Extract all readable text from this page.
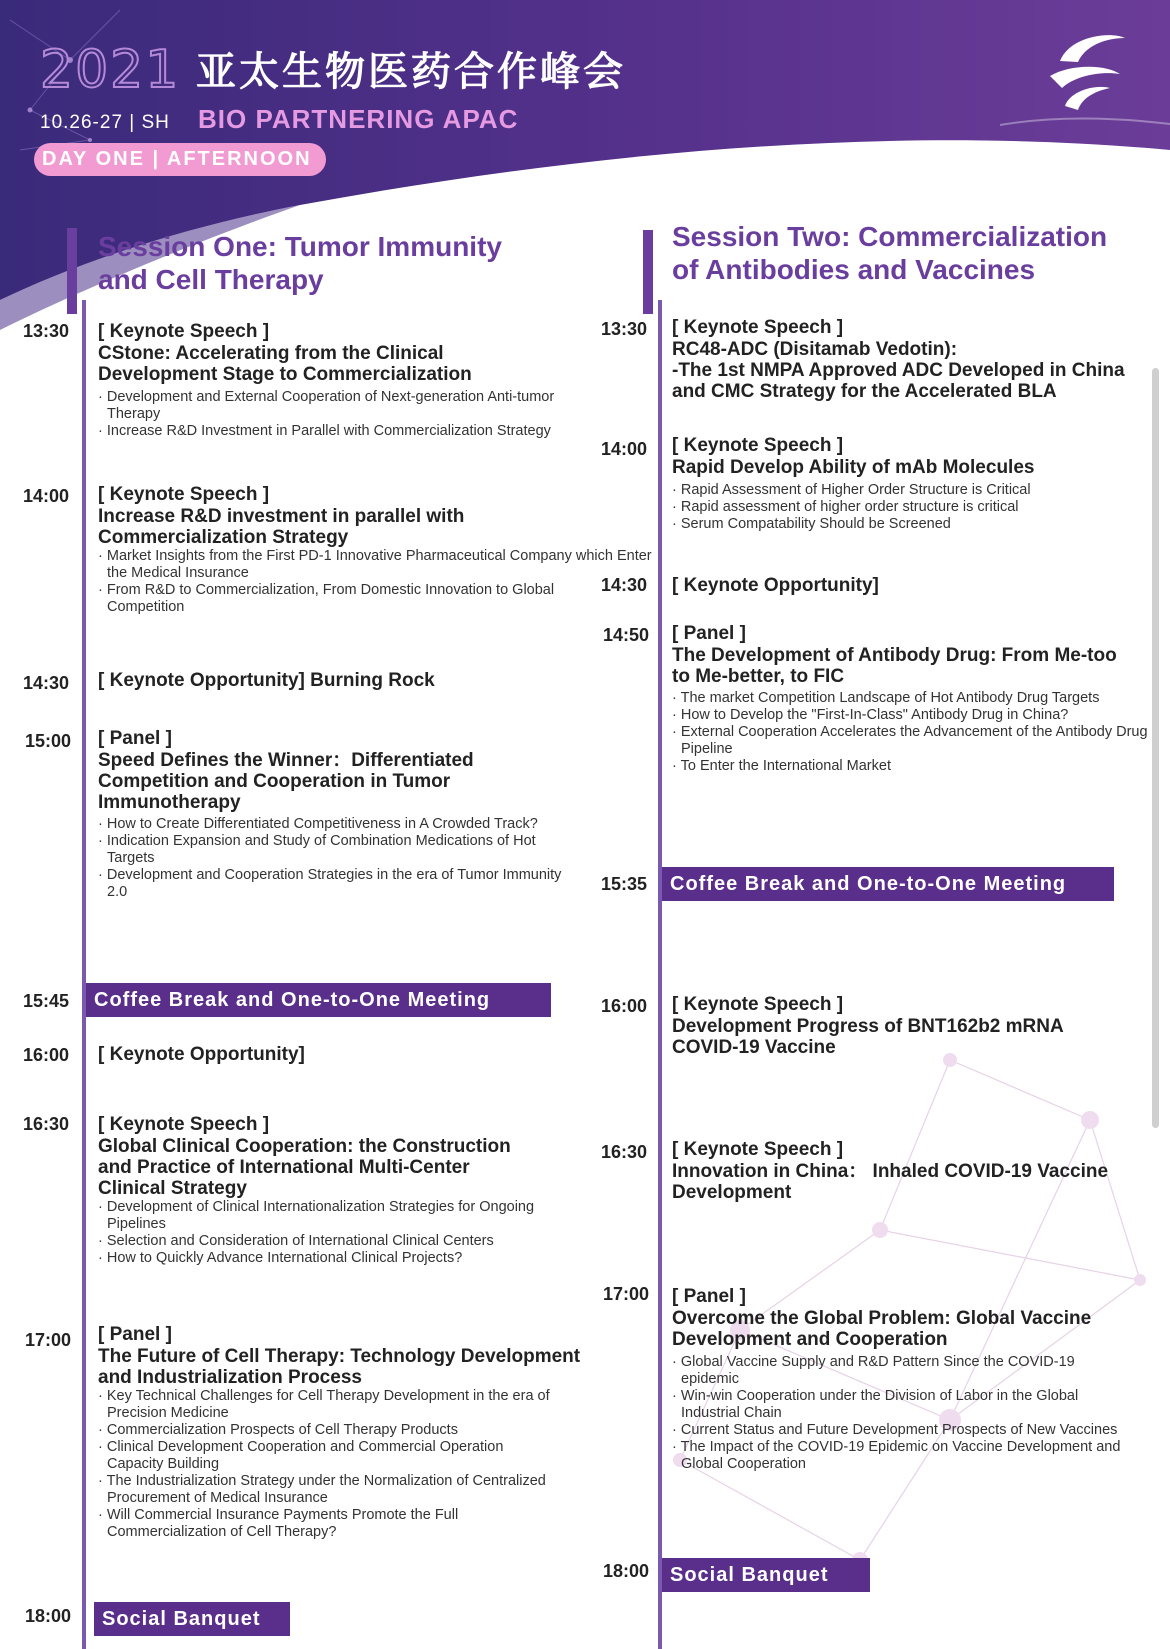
2021 亚太生物医药合作峰会
10.26-27 | SH BIO PARTNERING APAC
DAY ONE | AFTERNOON
Session One: Tumor Immunity
and Cell Therapy
13:30 [ Keynote Speech ]
CStone: Accelerating from the Clinical
Development Stage to Commercialization
· Development and External Cooperation of Next-generation Anti-tumor Therapy
· Increase R&D Investment in Parallel with Commercialization Strategy
14:00 [ Keynote Speech ]
Increase R&D investment in parallel with
Commercialization Strategy
· Market Insights from the First PD-1 Innovative Pharmaceutical Company which Enter the Medical Insurance
· From R&D to Commercialization, From Domestic Innovation to Global Competition
14:30 [ Keynote Opportunity] Burning Rock
15:00 [ Panel ]
Speed Defines the Winner：Differentiated
Competition and Cooperation in Tumor
Immunotherapy
· How to Create Differentiated Competitiveness in A Crowded Track?
· Indication Expansion and Study of Combination Medications of Hot Targets
· Development and Cooperation Strategies in the era of Tumor Immunity 2.0
15:45	Coffee Break and One-to-One Meeting
16:00 [ Keynote Opportunity]
16:30 [ Keynote Speech ]
Global Clinical Cooperation: the Construction
and Practice of International Multi-Center
Clinical Strategy
· Development of Clinical Internationalization Strategies for Ongoing Pipelines
· Selection and Consideration of International Clinical Centers
· How to Quickly Advance International Clinical Projects?
17:00 [ Panel ]
The Future of Cell Therapy: Technology Development
and Industrialization Process
· Key Technical Challenges for Cell Therapy Development in the era of Precision Medicine
· Commercialization Prospects of Cell Therapy Products
· Clinical Development Cooperation and Commercial Operation Capacity Building
· The Industrialization Strategy under the Normalization of Centralized Procurement of Medical Insurance
· Will Commercial Insurance Payments Promote the Full Commercialization of Cell Therapy?
18:00	Social Banquet
Session Two: Commercialization
of Antibodies and Vaccines
13:30 [ Keynote Speech ]
RC48-ADC (Disitamab Vedotin):
-The 1st NMPA Approved ADC Developed in China
and CMC Strategy for the Accelerated BLA
14:00 [ Keynote Speech ]
Rapid Develop Ability of mAb Molecules
· Rapid Assessment of Higher Order Structure is Critical
· Rapid assessment of higher order structure is critical
· Serum Compatability Should be Screened
14:30 [ Keynote Opportunity]
14:50 [ Panel ]
The Development of Antibody Drug: From Me-too
to Me-better, to FIC
· The market Competition Landscape of Hot Antibody Drug Targets
· How to Develop the "First-In-Class" Antibody Drug in China?
· External Cooperation Accelerates the Advancement of the Antibody Drug Pipeline
· To Enter the International Market
15:35	Coffee Break and One-to-One Meeting
16:00 [ Keynote Speech ]
Development Progress of BNT162b2 mRNA
COVID-19 Vaccine
16:30 [ Keynote Speech ]
Innovation in China： Inhaled COVID-19 Vaccine
Development
17:00 [ Panel ]
Overcome the Global Problem: Global Vaccine
Development and Cooperation
· Global Vaccine Supply and R&D Pattern Since the COVID-19 epidemic
· Win-win Cooperation under the Division of Labor in the Global Industrial Chain
· Current Status and Future Development Prospects of New Vaccines
· The Impact of the COVID-19 Epidemic on Vaccine Development and Global Cooperation
18:00	Social Banquet
